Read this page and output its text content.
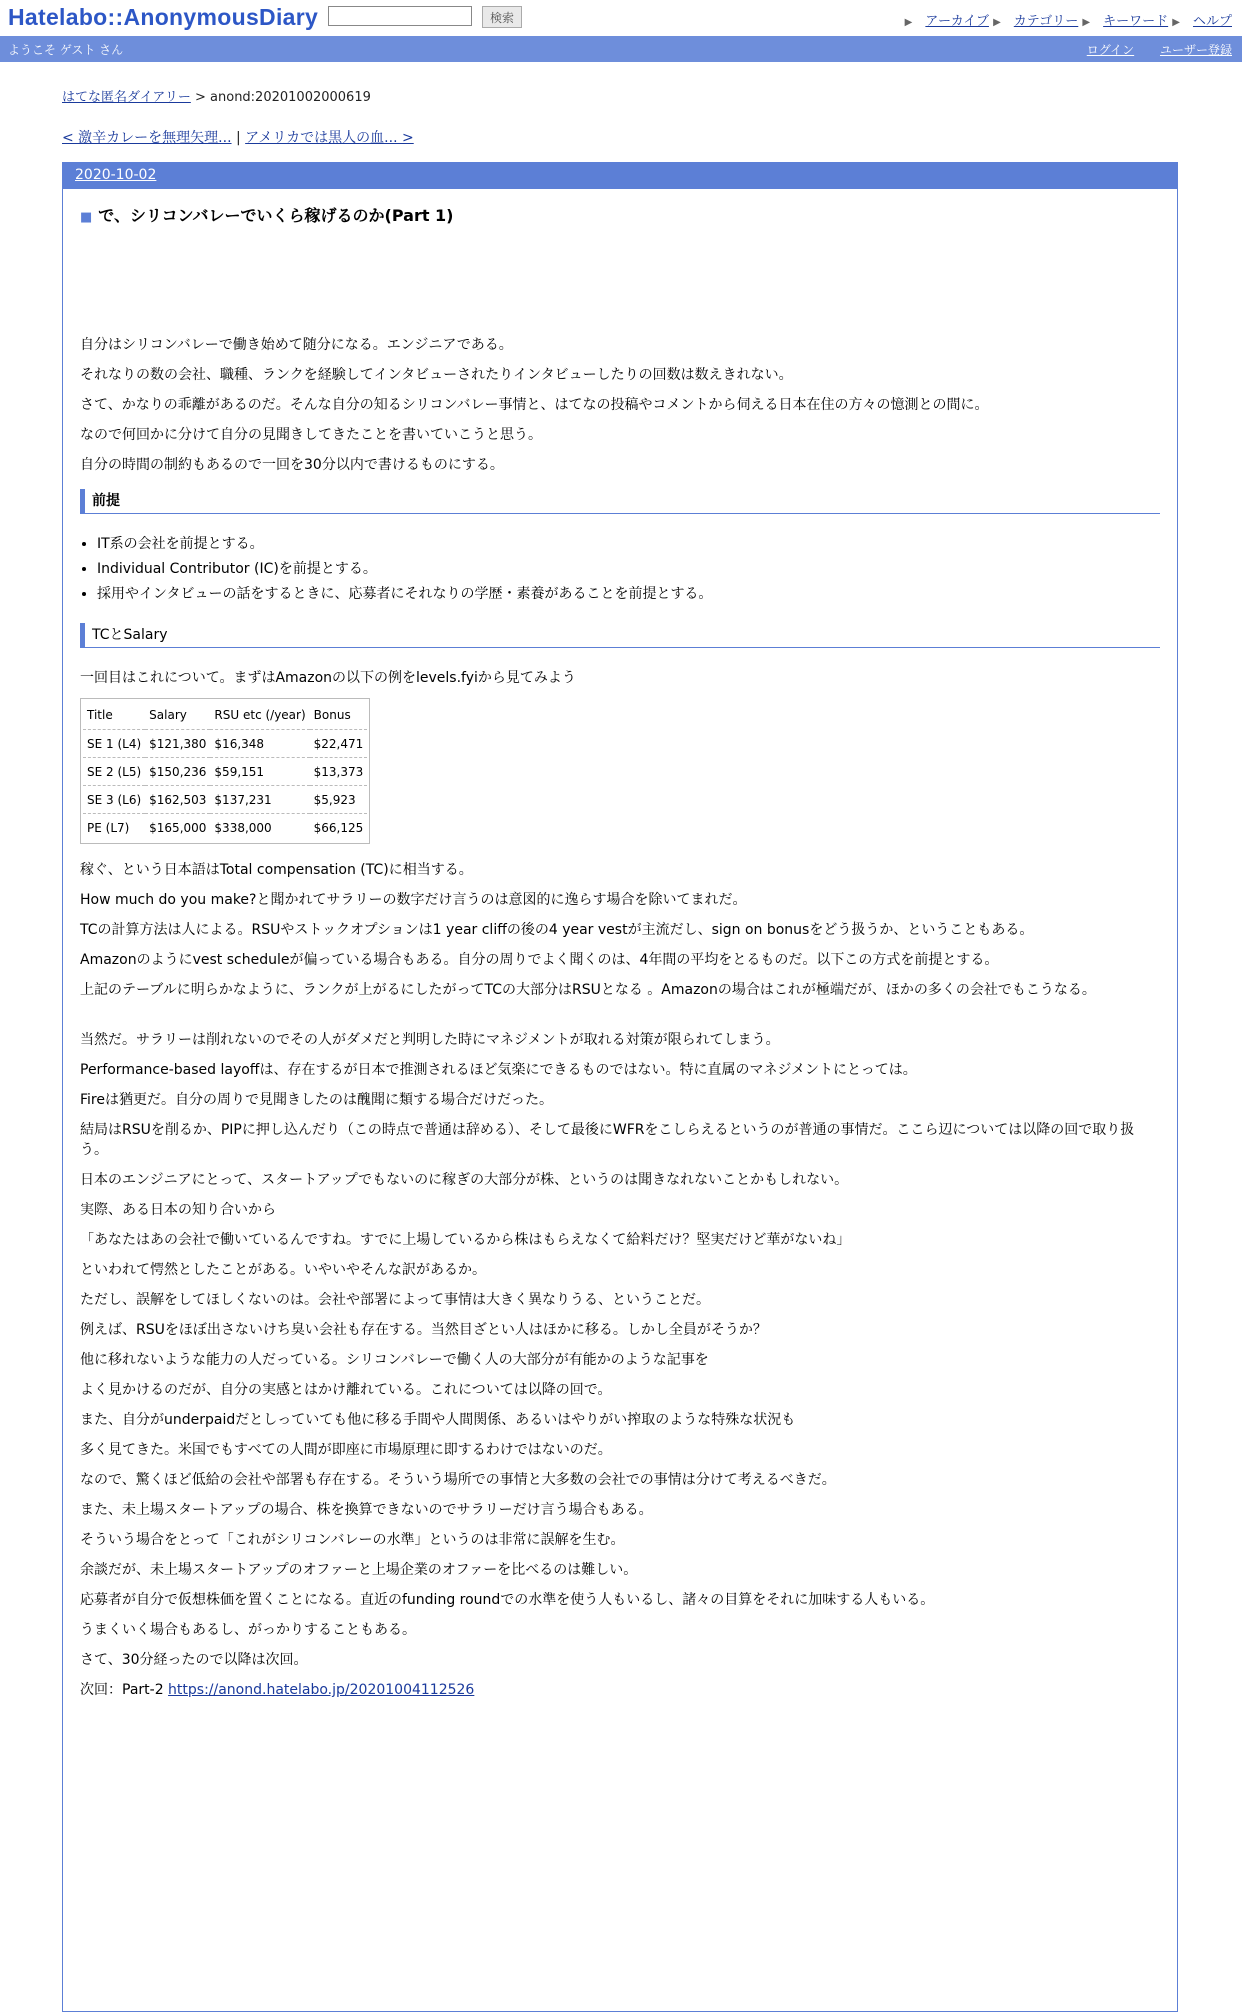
Hatelabo::AnonymousDiary	検索	▶ アーカイブ ▶ カテゴリー ▶ キーワード ▶ ヘルプ
ようこそ ゲスト さん	ログイン ユーザー登録
はてな匿名ダイアリー > anond:20201002000619
< 激辛カレーを無理矢理... | アメリカでは黒人の血... >
2020-10-02
■ で、シリコンバレーでいくら稼げるのか(Part 1)

自分はシリコンバレーで働き始めて随分になる。エンジニアである。

それなりの数の会社、職種、ランクを経験してインタビューされたりインタビューしたりの回数は数えきれない。

さて、かなりの乖離があるのだ。そんな自分の知るシリコンバレー事情と、はてなの投稿やコメントから伺える日本在住の方々の憶測との間に。

なので何回かに分けて自分の見聞きしてきたことを書いていこうと思う。

自分の時間の制約もあるので一回を30分以内で書けるものにする。

前提
• IT系の会社を前提とする。
• Individual Contributor (IC)を前提とする。
• 採用やインタビューの話をするときに、応募者にそれなりの学歴・素養があることを前提とする。
TCとSalary

一回目はこれについて。まずはAmazonの以下の例をlevels.fyiから見てみよう

Title	Salary	RSU etc (/year)	Bonus
SE 1 (L4)	$121,380	$16,348	$22,471
SE 2 (L5)	$150,236	$59,151	$13,373
SE 3 (L6)	$162,503	$137,231	$5,923
PE (L7)	$165,000	$338,000	$66,125

稼ぐ、という日本語はTotal compensation (TC)に相当する。

How much do you make?と聞かれてサラリーの数字だけ言うのは意図的に逸らす場合を除いてまれだ。

TCの計算方法は人による。RSUやストックオプションは1 year cliffの後の4 year vestが主流だし、sign on bonusをどう扱うか、ということもある。

Amazonのようにvest scheduleが偏っている場合もある。自分の周りでよく聞くのは、4年間の平均をとるものだ。以下この方式を前提とする。

上記のテーブルに明らかなように、ランクが上がるにしたがってTCの大部分はRSUとなる 。Amazonの場合はこれが極端だが、ほかの多くの会社でもこうなる。

当然だ。サラリーは削れないのでその人がダメだと判明した時にマネジメントが取れる対策が限られてしまう。

Performance-based layoffは、存在するが日本で推測されるほど気楽にできるものではない。特に直属のマネジメントにとっては。

Fireは猶更だ。自分の周りで見聞きしたのは醜聞に類する場合だけだった。

結局はRSUを削るか、PIPに押し込んだり（この時点で普通は辞める）、そして最後にWFRをこしらえるというのが普通の事情だ。ここら辺については以降の回で取り扱う。

日本のエンジニアにとって、スタートアップでもないのに稼ぎの大部分が株、というのは聞きなれないことかもしれない。

実際、ある日本の知り合いから

「あなたはあの会社で働いているんですね。すでに上場しているから株はもらえなくて給料だけ？堅実だけど華がないね」

といわれて愕然としたことがある。いやいやそんな訳があるか。

ただし、誤解をしてほしくないのは。会社や部署によって事情は大きく異なりうる、ということだ。

例えば、RSUをほぼ出さないけち臭い会社も存在する。当然目ざとい人はほかに移る。しかし全員がそうか？

他に移れないような能力の人だっている。シリコンバレーで働く人の大部分が有能かのような記事を

よく見かけるのだが、自分の実感とはかけ離れている。これについては以降の回で。

また、自分がunderpaidだとしっていても他に移る手間や人間関係、あるいはやりがい搾取のような特殊な状況も

多く見てきた。米国でもすべての人間が即座に市場原理に即するわけではないのだ。

なので、驚くほど低給の会社や部署も存在する。そういう場所での事情と大多数の会社での事情は分けて考えるべきだ。

また、未上場スタートアップの場合、株を換算できないのでサラリーだけ言う場合もある。

そういう場合をとって「これがシリコンバレーの水準」というのは非常に誤解を生む。

余談だが、未上場スタートアップのオファーと上場企業のオファーを比べるのは難しい。

応募者が自分で仮想株価を置くことになる。直近のfunding roundでの水準を使う人もいるし、諸々の目算をそれに加味する人もいる。

うまくいく場合もあるし、がっかりすることもある。

さて、30分経ったので以降は次回。

次回：Part-2 https://anond.hatelabo.jp/20201004112526
